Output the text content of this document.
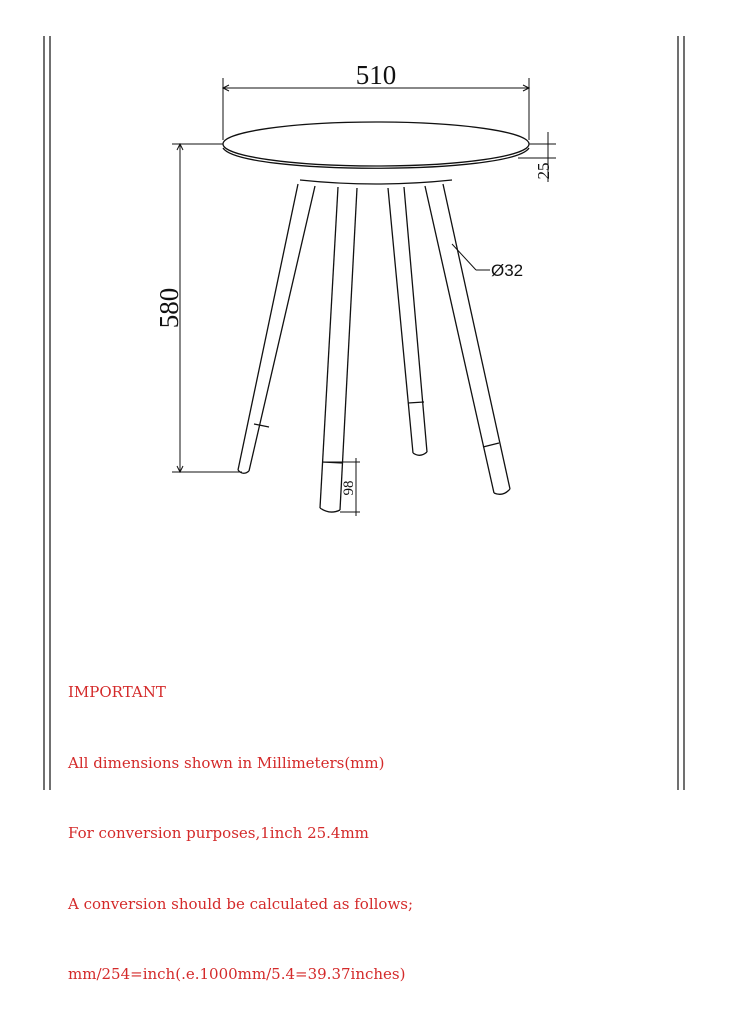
510
25
Ø32
580
98

IMPORTANT

All dimensions shown in Millimeters(mm)

For conversion purposes,1inch 25.4mm

A conversion should be calculated as follows;

mm/254=inch(.e.1000mm/5.4=39.37inches)
